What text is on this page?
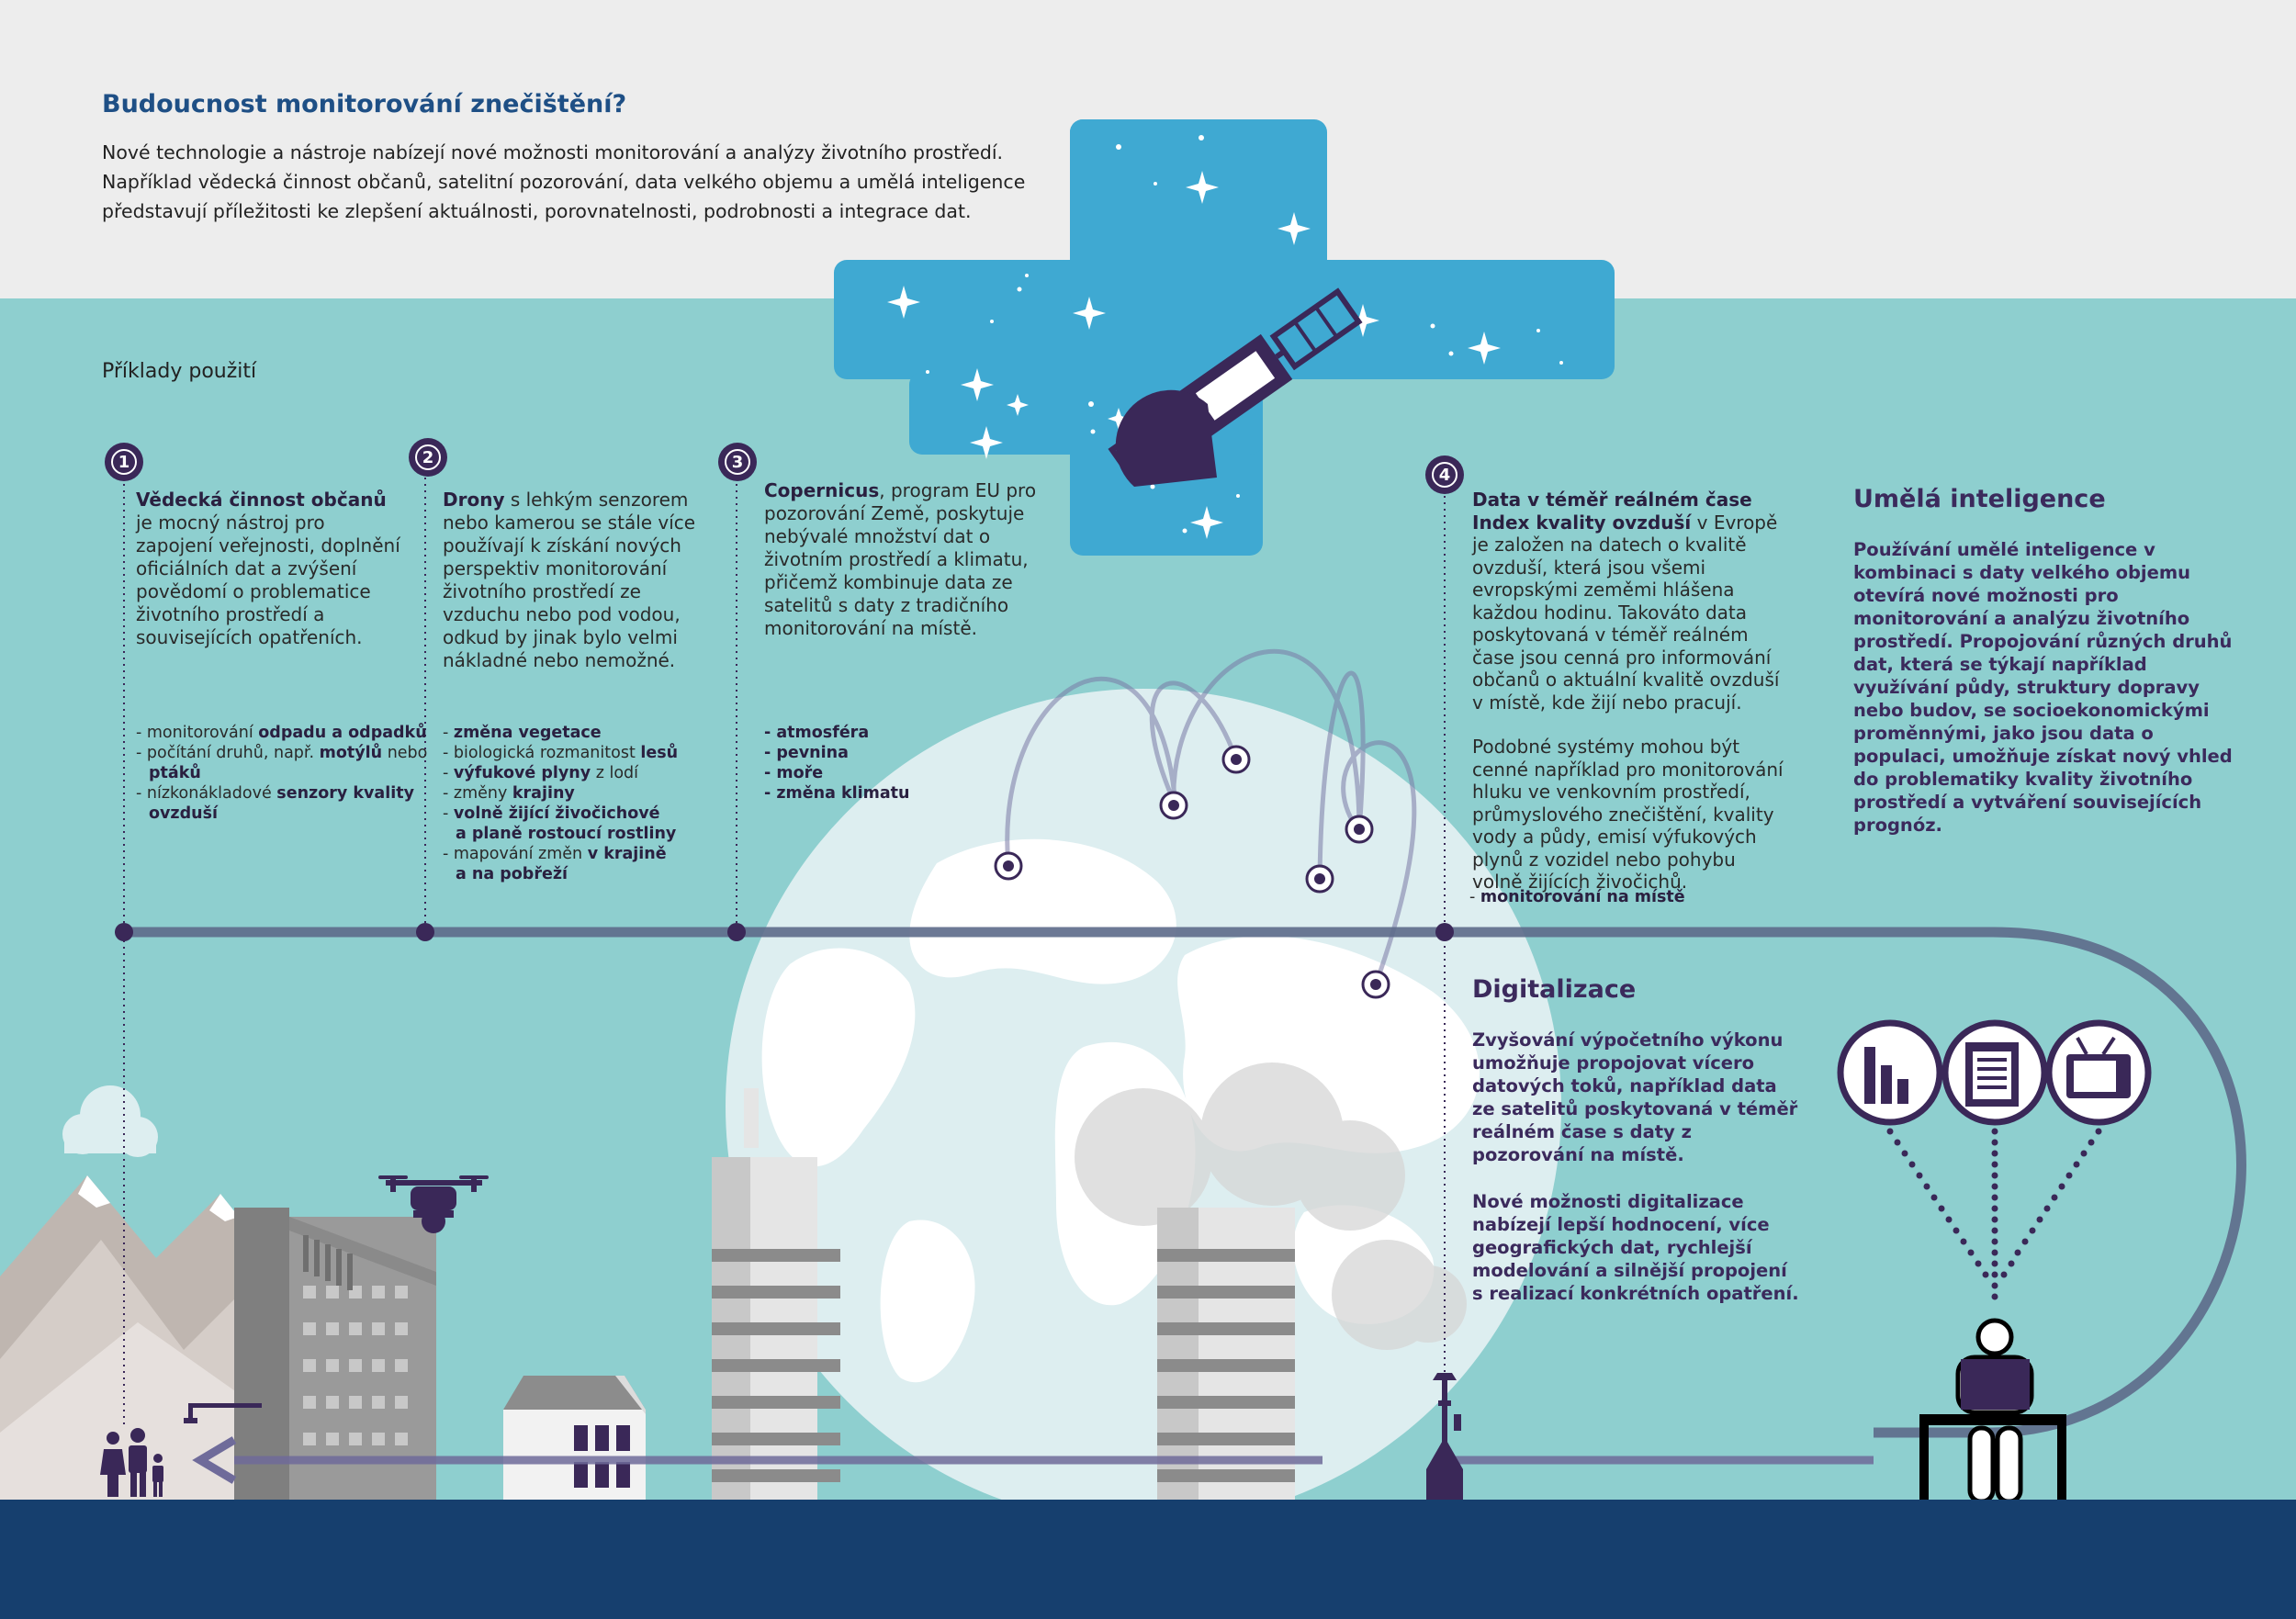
1	2	3
4
Budoucnost monitorování znečištění?
Nové technologie a nástroje nabízejí nové možnosti monitorování a analýzy životního prostředí. Například vědecká činnost občanů, satelitní pozorování, data velkého objemu a umělá inteligence představují příležitosti ke zlepšení aktuálnosti, porovnatelnosti, podrobnosti a integrace dat.
Příklady použití
Vědecká činnost občanů je mocný nástroj pro zapojení veřejnosti, doplnění oficiálních dat a zvýšení povědomí o problematice životního prostředí a souvisejících opatřeních.
- monitorování odpadu a odpadků
- počítání druhů, např. motýlů nebo
ptáků
- nízkonákladové senzory kvality
ovzduší
Drony s lehkým senzorem nebo kamerou se stále více používají k získání nových perspektiv monitorování životního prostředí ze vzduchu nebo pod vodou, odkud by jinak bylo velmi nákladné nebo nemožné.
- změna vegetace
- biologická rozmanitost lesů
- výfukové plyny z lodí
- změny krajiny
- volně žijící živočichové
a planě rostoucí rostliny
- mapování změn v krajině
a na pobřeží
Copernicus, program EU pro pozorování Země, poskytuje nebývalé množství dat o životním prostředí a klimatu, přičemž kombinuje data ze satelitů s daty z tradičního monitorování na místě.
- atmosféra
- pevnina
- moře
- změna klimatu
Data v téměř reálném čase
Index kvality ovzduší v Evropě je založen na datech o kvalitě ovzduší, která jsou všemi evropskými zeměmi hlášena každou hodinu. Takováto data poskytovaná v téměř reálném čase jsou cenná pro informování občanů o aktuální kvalitě ovzduší v místě, kde žijí nebo pracují.
Podobné systémy mohou být cenné například pro monitorování hluku ve venkovním prostředí, průmyslového znečištění, kvality vody a půdy, emisí výfukových plynů z vozidel nebo pohybu volně žijících živočichů.
- monitorování na místě
Umělá inteligence
Používání umělé inteligence v kombinaci s daty velkého objemu otevírá nové možnosti pro monitorování a analýzu životního prostředí. Propojování různých druhů dat, která se týkají například využívání půdy, struktury dopravy nebo budov, se socioekonomickými proměnnými, jako jsou data o populaci, umožňuje získat nový vhled do problematiky kvality životního prostředí a vytváření souvisejících prognóz.
Digitalizace

Zvyšování výpočetního výkonu umožňuje propojovat vícero datových toků, například data ze satelitů poskytovaná v téměř reálném čase s daty z pozorování na místě.

Nové možnosti digitalizace nabízejí lepší hodnocení, více geografických dat, rychlejší modelování a silnější propojení s realizací konkrétních opatření.
